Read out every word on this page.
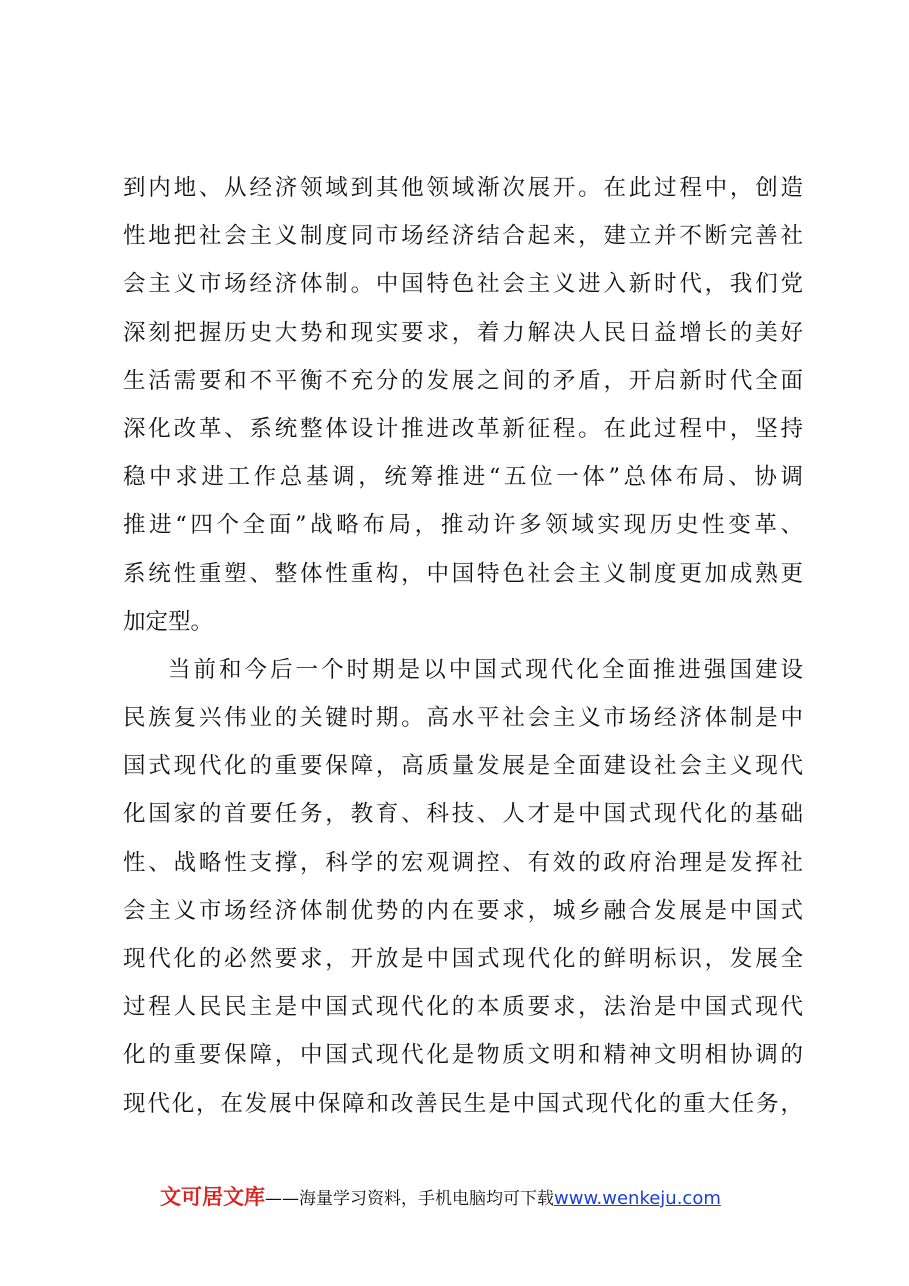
到内地、从经济领域到其他领域渐次展开。在此过程中，创造
性地把社会主义制度同市场经济结合起来，建立并不断完善社
会主义市场经济体制。中国特色社会主义进入新时代，我们党
深刻把握历史大势和现实要求，着力解决人民日益增长的美好
生活需要和不平衡不充分的发展之间的矛盾，开启新时代全面
深化改革、系统整体设计推进改革新征程。在此过程中，坚持
稳中求进工作总基调，统筹推进“五位一体”总体布局、协调
推进“四个全面”战略布局，推动许多领域实现历史性变革、
系统性重塑、整体性重构，中国特色社会主义制度更加成熟更
加定型。
当前和今后一个时期是以中国式现代化全面推进强国建设
民族复兴伟业的关键时期。高水平社会主义市场经济体制是中
国式现代化的重要保障，高质量发展是全面建设社会主义现代
化国家的首要任务，教育、科技、人才是中国式现代化的基础
性、战略性支撑，科学的宏观调控、有效的政府治理是发挥社
会主义市场经济体制优势的内在要求，城乡融合发展是中国式
现代化的必然要求，开放是中国式现代化的鲜明标识，发展全
过程人民民主是中国式现代化的本质要求，法治是中国式现代
化的重要保障，中国式现代化是物质文明和精神文明相协调的
现代化，在发展中保障和改善民生是中国式现代化的重大任务，
文可居文库——海量学习资料，手机电脑均可下载www.wenkeju.com
